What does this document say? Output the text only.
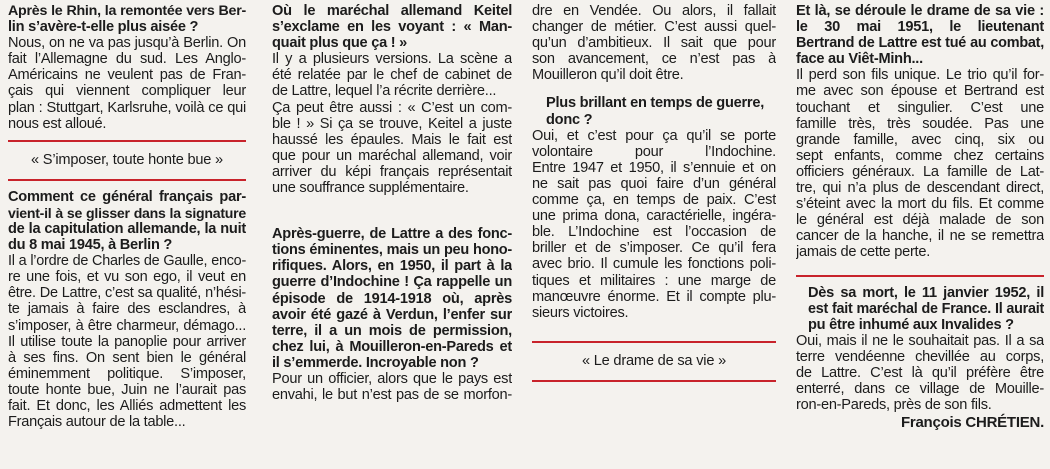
Après le Rhin, la remontée vers Ber-
lin s’avère-t-elle plus aisée ?
Nous, on ne va pas jusqu’à Berlin. On
fait l’Allemagne du sud. Les Anglo-
Américains ne veulent pas de Fran-
çais qui viennent compliquer leur
plan : Stuttgart, Karlsruhe, voilà ce qui
nous est alloué.
« S’imposer, toute honte bue »
Comment ce général français par-
vient-il à se glisser dans la signature
de la capitulation allemande, la nuit
du 8 mai 1945, à Berlin ?
Il a l’ordre de Charles de Gaulle, enco-
re une fois, et vu son ego, il veut en
être. De Lattre, c’est sa qualité, n’hési-
te jamais à faire des esclandres, à
s’imposer, à être charmeur, démago...
Il utilise toute la panoplie pour arriver
à ses fins. On sent bien le général
éminemment politique. S’imposer,
toute honte bue, Juin ne l’aurait pas
fait. Et donc, les Alliés admettent les
Français autour de la table...
Où le maréchal allemand Keitel
s’exclame en les voyant : « Man-
quait plus que ça ! »
Il y a plusieurs versions. La scène a
été relatée par le chef de cabinet de
de Lattre, lequel l’a récrite derrière...
Ça peut être aussi : « C’est un com-
ble ! » Si ça se trouve, Keitel a juste
haussé les épaules. Mais le fait est
que pour un maréchal allemand, voir
arriver du képi français représentait
une souffrance supplémentaire.
Après-guerre, de Lattre a des fonc-
tions éminentes, mais un peu hono-
rifiques. Alors, en 1950, il part à la
guerre d’Indochine ! Ça rappelle un
épisode de 1914-1918 où, après
avoir été gazé à Verdun, l’enfer sur
terre, il a un mois de permission,
chez lui, à Mouilleron-en-Pareds et
il s’emmerde. Incroyable non ?
Pour un officier, alors que le pays est
envahi, le but n’est pas de se morfon-
dre en Vendée. Ou alors, il fallait
changer de métier. C’est aussi quel-
qu’un d’ambitieux. Il sait que pour
son avancement, ce n’est pas à
Mouilleron qu’il doit être.
Plus brillant en temps de guerre,
donc ?
Oui, et c’est pour ça qu’il se porte
volontaire pour l’Indochine.
Entre 1947 et 1950, il s’ennuie et on
ne sait pas quoi faire d’un général
comme ça, en temps de paix. C’est
une prima dona, caractérielle, ingéra-
ble. L’Indochine est l’occasion de
briller et de s’imposer. Ce qu’il fera
avec brio. Il cumule les fonctions poli-
tiques et militaires : une marge de
manœuvre énorme. Et il compte plu-
sieurs victoires.
« Le drame de sa vie »
Et là, se déroule le drame de sa vie :
le 30 mai 1951, le lieutenant
Bertrand de Lattre est tué au combat,
face au Viêt-Minh...
Il perd son fils unique. Le trio qu’il for-
me avec son épouse et Bertrand est
touchant et singulier. C’est une
famille très, très soudée. Pas une
grande famille, avec cinq, six ou
sept enfants, comme chez certains
officiers généraux. La famille de Lat-
tre, qui n’a plus de descendant direct,
s’éteint avec la mort du fils. Et comme
le général est déjà malade de son
cancer de la hanche, il ne se remettra
jamais de cette perte.
Dès sa mort, le 11 janvier 1952, il
est fait maréchal de France. Il aurait
pu être inhumé aux Invalides ?
Oui, mais il ne le souhaitait pas. Il a sa
terre vendéenne chevillée au corps,
de Lattre. C’est là qu’il préfère être
enterré, dans ce village de Mouille-
ron-en-Pareds, près de son fils.
François CHRÉTIEN.
